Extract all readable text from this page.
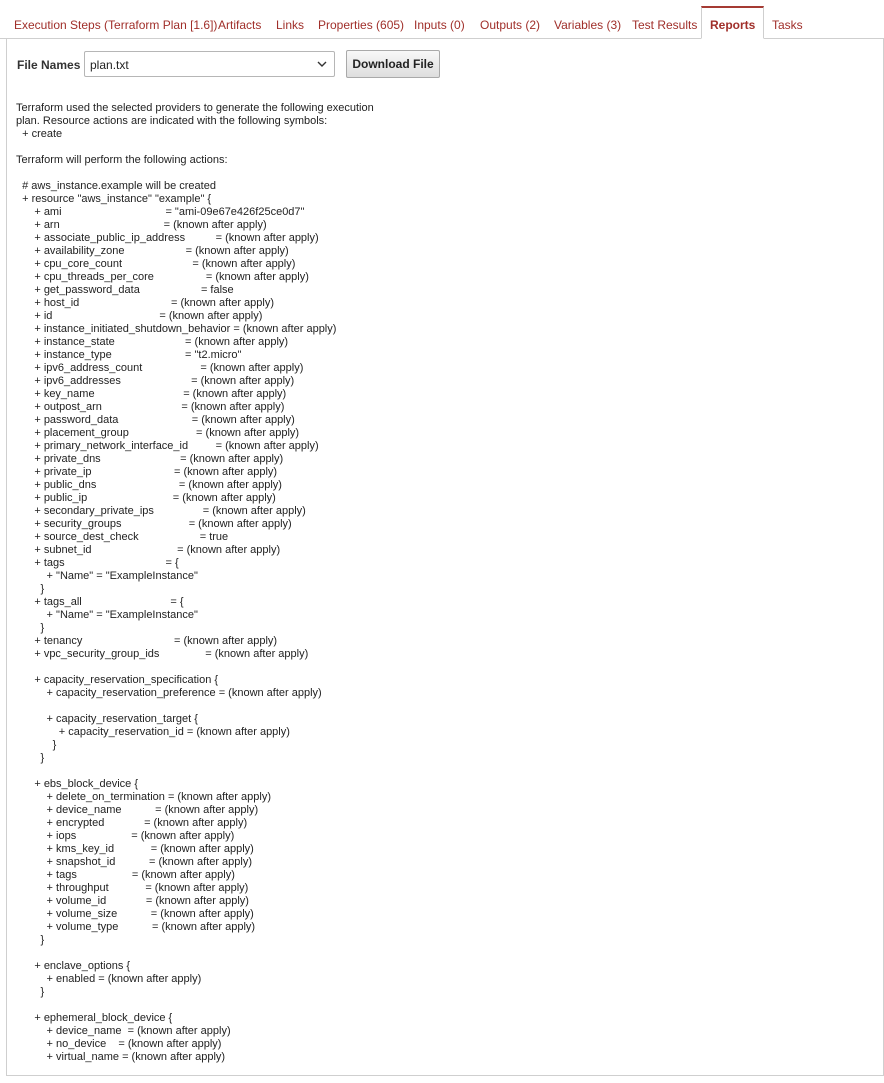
Execution Steps (Terraform Plan [1.6]) Artifacts Links Properties (605) Inputs (0) Outputs (2) Variables (3) Test Results	Reports	Tasks
File Names plan.txt	Download File
Terraform used the selected providers to generate the following execution
plan. Resource actions are indicated with the following symbols:
+ create
Terraform will perform the following actions:
# aws_instance.example will be created
+ resource "aws_instance" "example" {
+ ami                                  = "ami-09e67e426f25ce0d7"
+ arn                                  = (known after apply)
+ associate_public_ip_address          = (known after apply)
+ availability_zone                    = (known after apply)
+ cpu_core_count                       = (known after apply)
+ cpu_threads_per_core                 = (known after apply)
+ get_password_data                    = false
+ host_id                              = (known after apply)
+ id                                   = (known after apply)
+ instance_initiated_shutdown_behavior = (known after apply)
+ instance_state                       = (known after apply)
+ instance_type                        = "t2.micro"
+ ipv6_address_count                   = (known after apply)
+ ipv6_addresses                       = (known after apply)
+ key_name                             = (known after apply)
+ outpost_arn                          = (known after apply)
+ password_data                        = (known after apply)
+ placement_group                      = (known after apply)
+ primary_network_interface_id         = (known after apply)
+ private_dns                          = (known after apply)
+ private_ip                           = (known after apply)
+ public_dns                           = (known after apply)
+ public_ip                            = (known after apply)
+ secondary_private_ips                = (known after apply)
+ security_groups                      = (known after apply)
+ source_dest_check                    = true
+ subnet_id                            = (known after apply)
+ tags                                 = {
+ "Name" = "ExampleInstance"
}
+ tags_all                             = {
+ "Name" = "ExampleInstance"
}
+ tenancy                              = (known after apply)
+ vpc_security_group_ids               = (known after apply)
+ capacity_reservation_specification {
+ capacity_reservation_preference = (known after apply)
+ capacity_reservation_target {
+ capacity_reservation_id = (known after apply)
}
}
+ ebs_block_device {
+ delete_on_termination = (known after apply)
+ device_name           = (known after apply)
+ encrypted             = (known after apply)
+ iops                  = (known after apply)
+ kms_key_id            = (known after apply)
+ snapshot_id           = (known after apply)
+ tags                  = (known after apply)
+ throughput            = (known after apply)
+ volume_id             = (known after apply)
+ volume_size           = (known after apply)
+ volume_type           = (known after apply)
}
+ enclave_options {
+ enabled = (known after apply)
}
+ ephemeral_block_device {
+ device_name  = (known after apply)
+ no_device    = (known after apply)
+ virtual_name = (known after apply)
